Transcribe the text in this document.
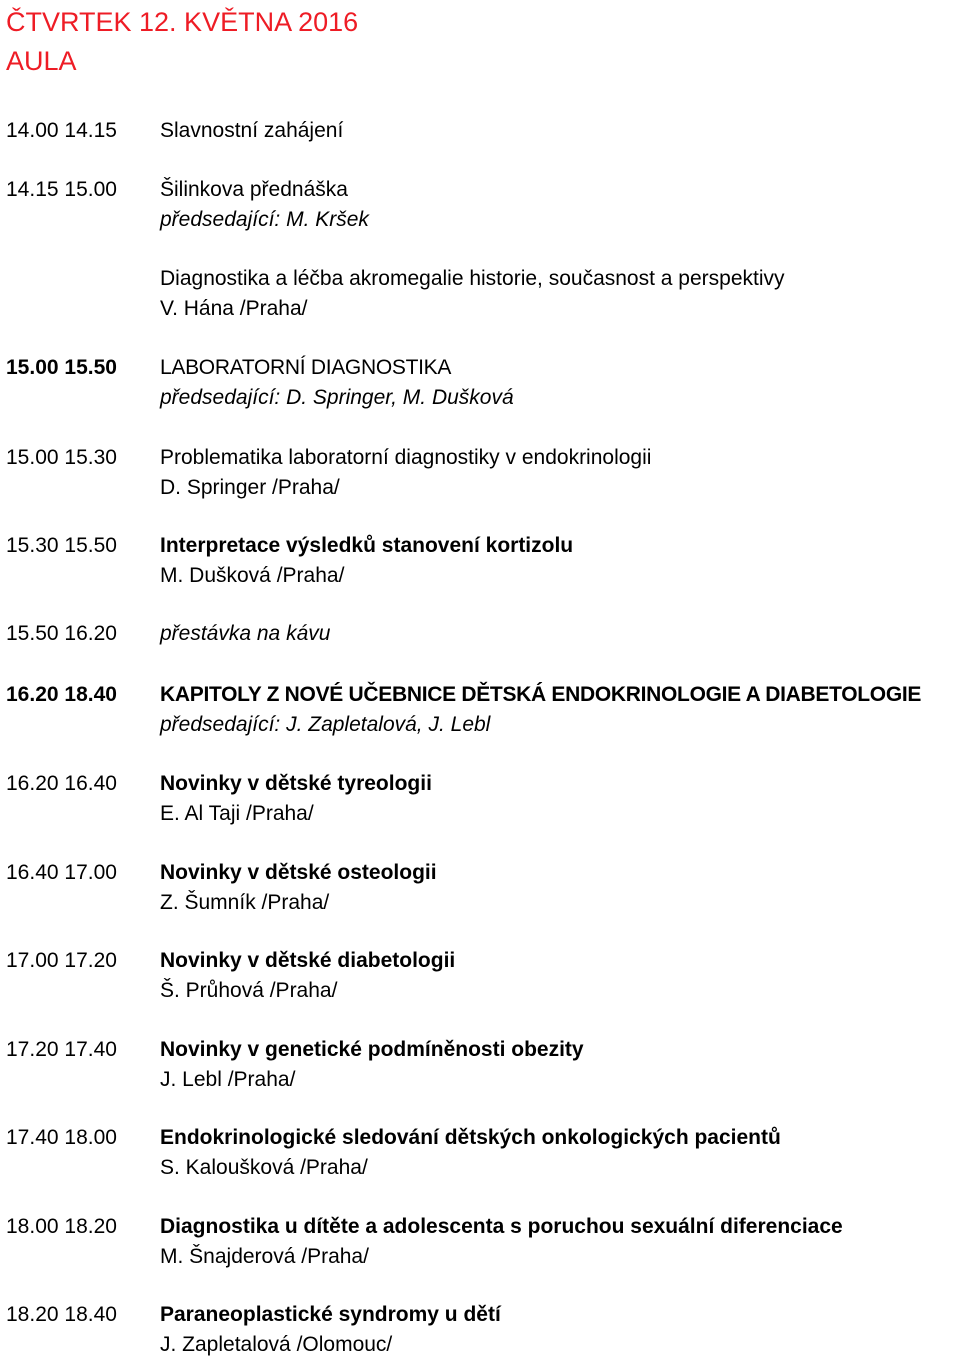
ČTVRTEK 12. KVĚTNA 2016
AULA
14.00 14.15 Slavnostní zahájení
14.15 15.00 Šilinkova přednáška
předsedající: M. Kršek
Diagnostika a léčba akromegalie historie, současnost a perspektivy
V. Hána /Praha/
15.00 15.50 LABORATORNÍ DIAGNOSTIKA
předsedající: D. Springer, M. Dušková
15.00 15.30 Problematika laboratorní diagnostiky v endokrinologii
D. Springer /Praha/
15.30 15.50 Interpretace výsledků stanovení kortizolu
M. Dušková /Praha/
15.50 16.20 přestávka na kávu
16.20 18.40 KAPITOLY Z NOVÉ UČEBNICE DĚTSKÁ ENDOKRINOLOGIE A DIABETOLOGIE
předsedající: J. Zapletalová, J. Lebl
16.20 16.40 Novinky v dětské tyreologii
E. Al Taji /Praha/
16.40 17.00 Novinky v dětské osteologii
Z. Šumník /Praha/
17.00 17.20 Novinky v dětské diabetologii
Š. Průhová /Praha/
17.20 17.40 Novinky v genetické podmíněnosti obezity
J. Lebl /Praha/
17.40 18.00 Endokrinologické sledování dětských onkologických pacientů
S. Kaloušková /Praha/
18.00 18.20 Diagnostika u dítěte a adolescenta s poruchou sexuální diferenciace
M. Šnajderová /Praha/
18.20 18.40 Paraneoplastické syndromy u dětí
J. Zapletalová /Olomouc/
